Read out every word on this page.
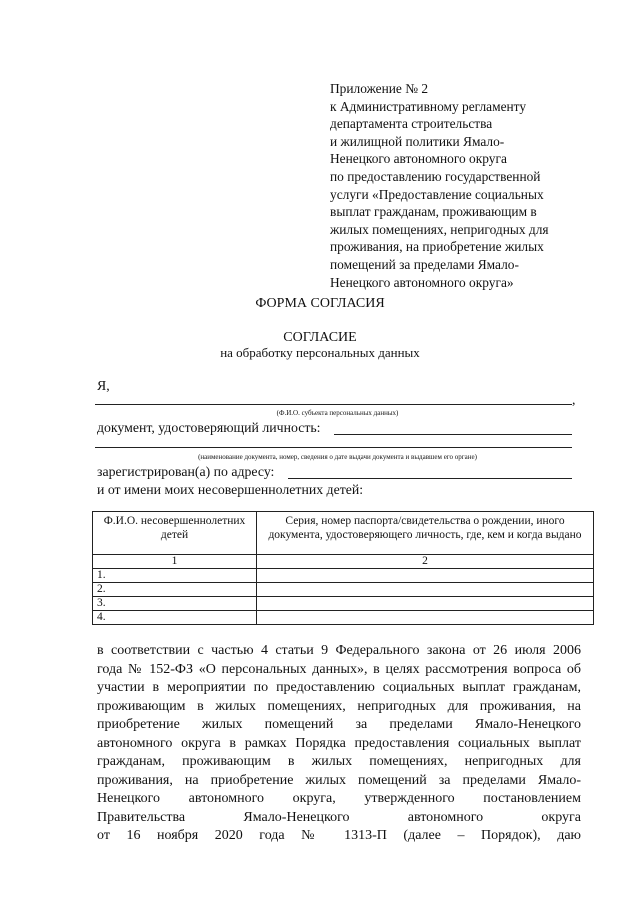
Приложение № 2
к Административному регламенту
департамента строительства
и жилищной политики Ямало-
Ненецкого автономного округа
по предоставлению государственной
услуги «Предоставление социальных
выплат гражданам, проживающим в
жилых помещениях, непригодных для
проживания, на приобретение жилых
помещений за пределами Ямало-
Ненецкого автономного округа»
ФОРМА СОГЛАСИЯ
СОГЛАСИЕ
на обработку персональных данных
Я,
,
(Ф.И.О. субъекта персональных данных)
документ, удостоверяющий личность:
(наименование документа, номер, сведения о дате выдачи документа и выдавшем его органе)
зарегистрирован(а) по адресу:
и от имени моих несовершеннолетних детей:
Ф.И.О. несовершеннолетних детей	Серия, номер паспорта/свидетельства о рождении, иного документа, удостоверяющего личность, где, кем и когда выдано
1	2
1.	
2.	
3.	
4.	
в соответствии с частью 4 статьи 9 Федерального закона от 26 июля 2006
года № 152-ФЗ «О персональных данных», в целях рассмотрения вопроса об
участии в мероприятии по предоставлению социальных выплат гражданам,
проживающим в жилых помещениях, непригодных для проживания, на
приобретение жилых помещений за пределами Ямало-Ненецкого
автономного округа в рамках Порядка предоставления социальных выплат
гражданам, проживающим в жилых помещениях, непригодных для
проживания, на приобретение жилых помещений за пределами Ямало-
Ненецкого автономного округа, утвержденного постановлением
Правительства Ямало-Ненецкого автономного округа
от 16 ноября 2020 года № 1313-П (далее – Порядок), даю
